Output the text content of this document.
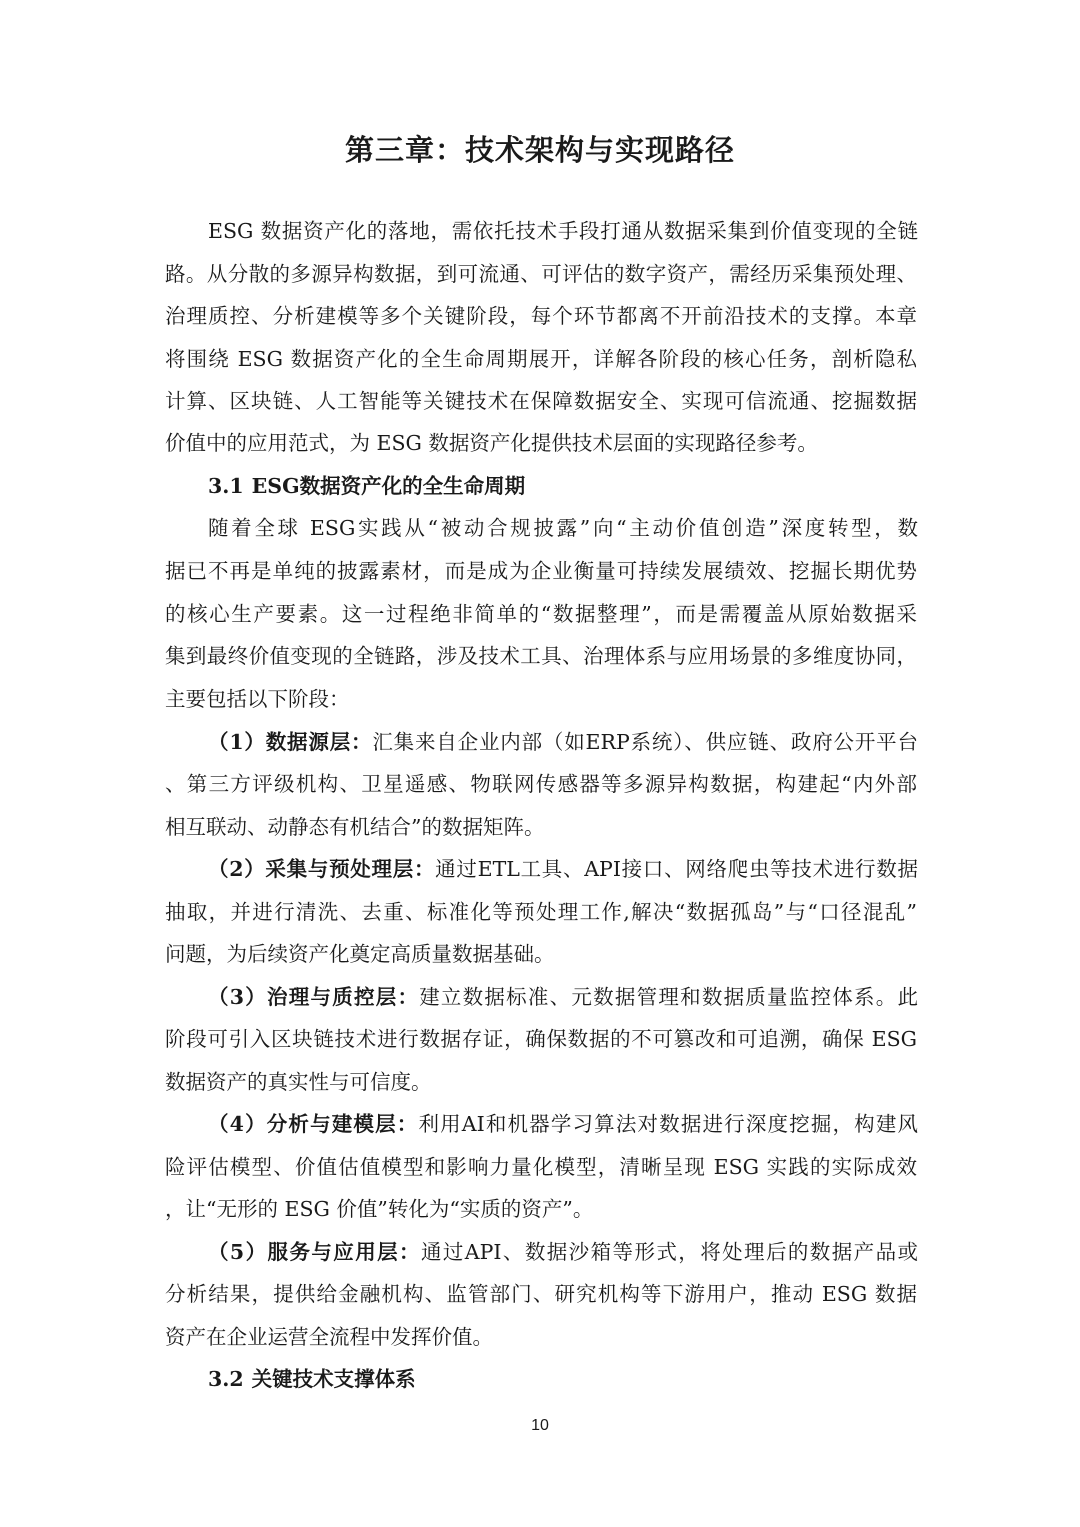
第三章：技术架构与实现路径
ESG 数据资产化的落地，需依托技术手段打通从数据采集到价值变现的全链
路。从分散的多源异构数据，到可流通、可评估的数字资产，需经历采集预处理、
治理质控、分析建模等多个关键阶段，每个环节都离不开前沿技术的支撑。本章
将围绕 ESG 数据资产化的全生命周期展开，详解各阶段的核心任务，剖析隐私
计算、区块链、人工智能等关键技术在保障数据安全、实现可信流通、挖掘数据
价值中的应用范式，为 ESG 数据资产化提供技术层面的实现路径参考。
3.1 ESG数据资产化的全生命周期
随着全球 ESG实践从“被动合规披露”向“主动价值创造”深度转型，数
据已不再是单纯的披露素材，而是成为企业衡量可持续发展绩效、挖掘长期优势
的核心生产要素。这一过程绝非简单的“数据整理”，而是需覆盖从原始数据采
集到最终价值变现的全链路，涉及技术工具、治理体系与应用场景的多维度协同，
主要包括以下阶段：
（1）数据源层：汇集来自企业内部（如ERP系统）、供应链、政府公开平台
、第三方评级机构、卫星遥感、物联网传感器等多源异构数据，构建起“内外部
相互联动、动静态有机结合”的数据矩阵。
（2）采集与预处理层：通过ETL工具、API接口、网络爬虫等技术进行数据
抽取，并进行清洗、去重、标准化等预处理工作,解决“数据孤岛”与“口径混乱”
问题，为后续资产化奠定高质量数据基础。
（3）治理与质控层：建立数据标准、元数据管理和数据质量监控体系。此
阶段可引入区块链技术进行数据存证，确保数据的不可篡改和可追溯，确保 ESG
数据资产的真实性与可信度。
（4）分析与建模层：利用AI和机器学习算法对数据进行深度挖掘，构建风
险评估模型、价值估值模型和影响力量化模型，清晰呈现 ESG 实践的实际成效
，让“无形的 ESG 价值”转化为“实质的资产”。
（5）服务与应用层：通过API、数据沙箱等形式，将处理后的数据产品或
分析结果，提供给金融机构、监管部门、研究机构等下游用户，推动 ESG 数据
资产在企业运营全流程中发挥价值。
3.2 关键技术支撑体系
10
